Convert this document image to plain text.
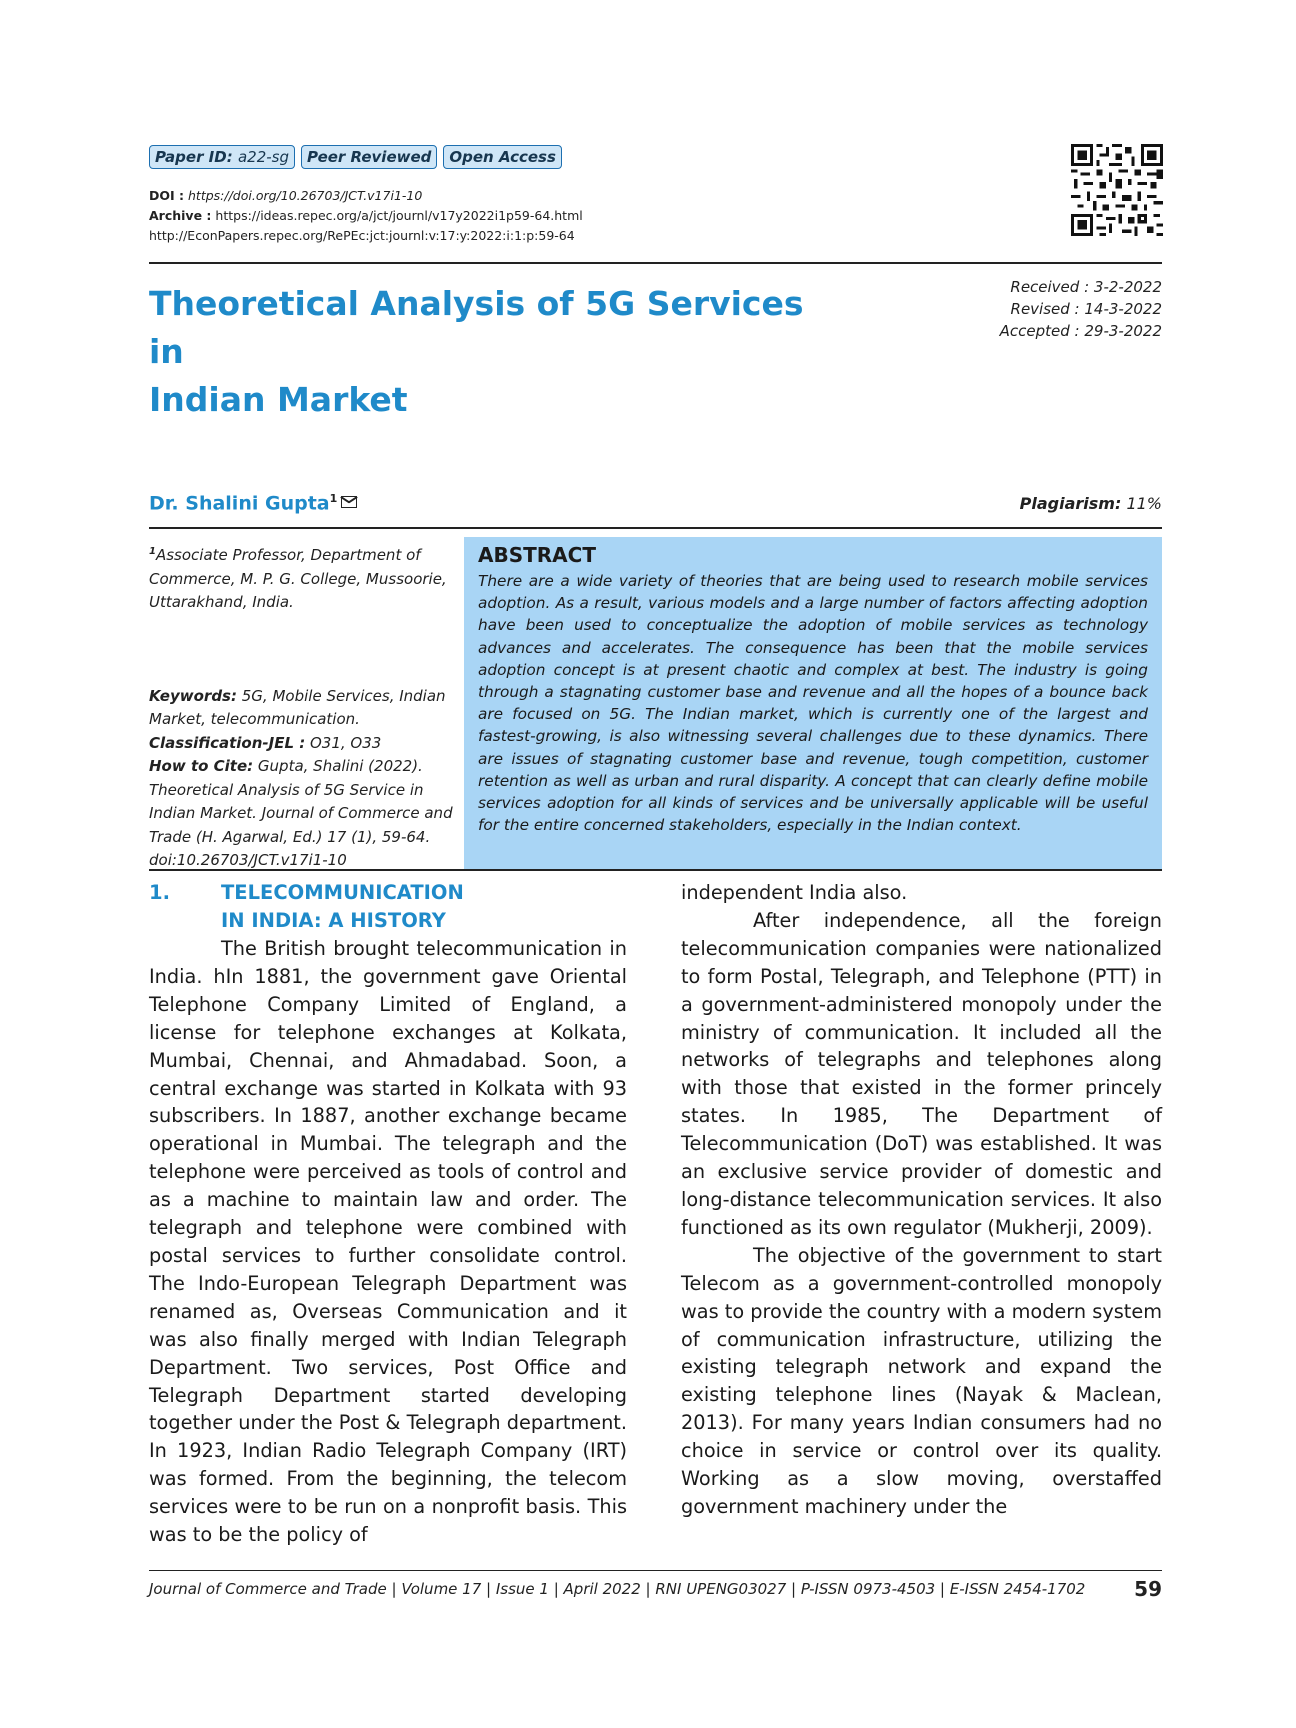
Paper ID: a22-sg	Peer Reviewed	Open Access
DOI : https://doi.org/10.26703/JCT.v17i1-10
Archive : https://ideas.repec.org/a/jct/journl/v17y2022i1p59-64.html
http://EconPapers.repec.org/RePEc:jct:journl:v:17:y:2022:i:1:p:59-64
Theoretical Analysis of 5G Services in
Indian Market
Received : 3-2-2022
Revised : 14-3-2022
Accepted : 29-3-2022
Dr. Shalini Gupta$^1$	Plagiarism: 11%
$^1$Associate Professor, Department of Commerce, M. P. G. College, Mussoorie, Uttarakhand, India.
Keywords: 5G, Mobile Services, Indian Market, telecommunication.
Classification-JEL : O31, O33
How to Cite: Gupta, Shalini (2022). Theoretical Analysis of 5G Service in Indian Market. Journal of Commerce and Trade (H. Agarwal, Ed.) 17 (1), 59-64. doi:10.26703/JCT.v17i1-10
ABSTRACT

There are a wide variety of theories that are being used to research mobile services adoption. As a result, various models and a large number of factors affecting adoption have been used to conceptualize the adoption of mobile services as technology advances and accelerates. The consequence has been that the mobile services adoption concept is at present chaotic and complex at best. The industry is going through a stagnating customer base and revenue and all the hopes of a bounce back are focused on 5G. The Indian market, which is currently one of the largest and fastest-growing, is also witnessing several challenges due to these dynamics. There are issues of stagnating customer base and revenue, tough competition, customer retention as well as urban and rural disparity. A concept that can clearly define mobile services adoption for all kinds of services and be universally applicable will be useful for the entire concerned stakeholders, especially in the Indian context.

1.	TELECOMMUNICATION
IN INDIA: A HISTORY

The British brought telecommunication in India. hIn 1881, the government gave Oriental Telephone Company Limited of England, a license for telephone exchanges at Kolkata, Mumbai, Chennai, and Ahmadabad. Soon, a central exchange was started in Kolkata with 93 subscribers. In 1887, another exchange became operational in Mumbai. The telegraph and the telephone were perceived as tools of control and as a machine to maintain law and order. The telegraph and telephone were combined with postal services to further consolidate control. The Indo-European Telegraph Department was renamed as, Overseas Communication and it was also finally merged with Indian Telegraph Department. Two services, Post Office and Telegraph Department started developing together under the Post & Telegraph department. In 1923, Indian Radio Telegraph Company (IRT) was formed. From the beginning, the telecom services were to be run on a nonprofit basis. This was to be the policy of

independent India also.

After independence, all the foreign telecommunication companies were nationalized to form Postal, Telegraph, and Telephone (PTT) in a government-administered monopoly under the ministry of communication. It included all the networks of telegraphs and telephones along with those that existed in the former princely states. In 1985, The Department of Telecommunication (DoT) was established. It was an exclusive service provider of domestic and long-distance telecommunication services. It also functioned as its own regulator (Mukherji, 2009).

The objective of the government to start Telecom as a government-controlled monopoly was to provide the country with a modern system of communication infrastructure, utilizing the existing telegraph network and expand the existing telephone lines (Nayak & Maclean, 2013). For many years Indian consumers had no choice in service or control over its quality. Working as a slow moving, overstaffed government machinery under the

Journal of Commerce and Trade | Volume 17 | Issue 1 | April 2022 | RNI UPENG03027 | P-ISSN 0973-4503 | E-ISSN 2454-1702 59
